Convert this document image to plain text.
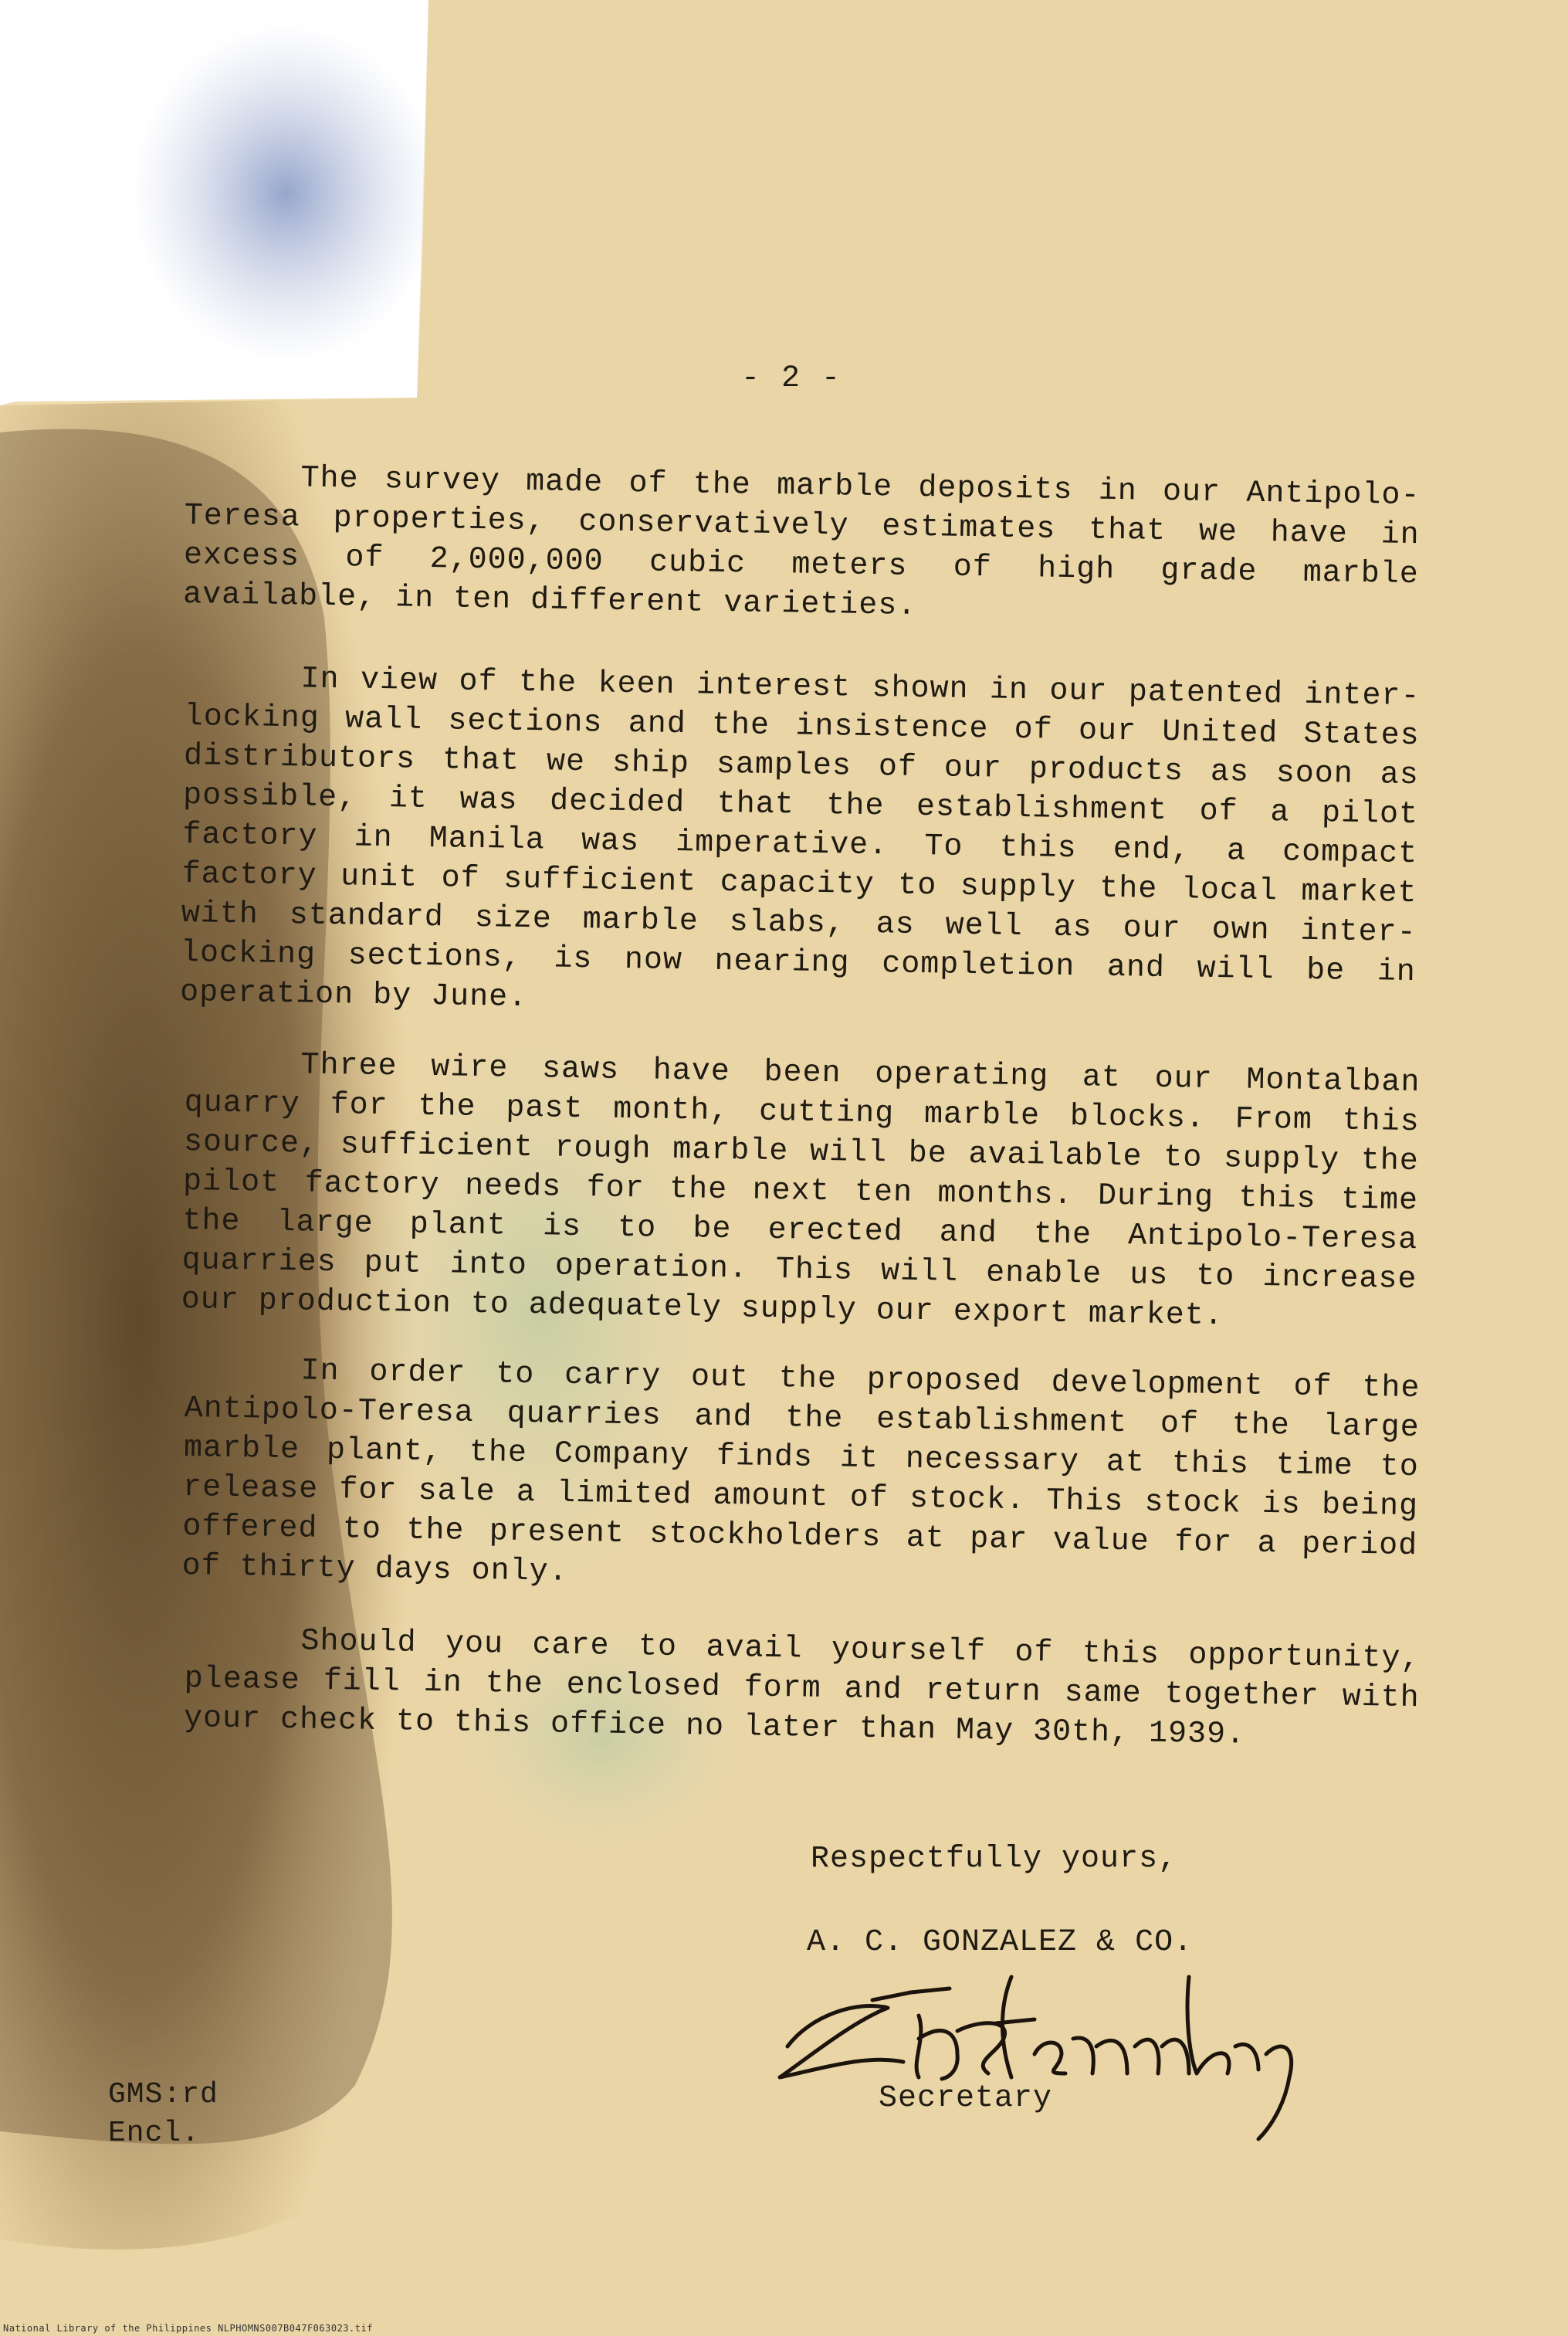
- 2 -

The survey made of the marble deposits in our Antipolo-Teresa properties, conservatively estimates that we have in excess of 2,000,000 cubic meters of high grade marble available, in ten different varieties.

In view of the keen interest shown in our patented inter-locking wall sections and the insistence of our United States distributors that we ship samples of our products as soon as possible, it was decided that the establishment of a pilot factory in Manila was imperative. To this end, a compact factory unit of sufficient capacity to supply the local market with standard size marble slabs, as well as our own inter-locking sections, is now nearing completion and will be in operation by June.

Three wire saws have been operating at our Montalban quarry for the past month, cutting marble blocks. From this source, sufficient rough marble will be available to supply the pilot factory needs for the next ten months. During this time the large plant is to be erected and the Antipolo-Teresa quarries put into operation. This will enable us to increase our production to adequately supply our export market.

In order to carry out the proposed development of the Antipolo-Teresa quarries and the establishment of the large marble plant, the Company finds it necessary at this time to release for sale a limited amount of stock. This stock is being offered to the present stockholders at par value for a period of thirty days only.

Should you care to avail yourself of this opportunity, please fill in the enclosed form and return same together with your check to this office no later than May 30th, 1939.

Respectfully yours,
A. C. GONZALEZ & CO.
Secretary
GMS:rd
Encl.
National Library of the Philippines NLPHOMNS007B047F063023.tif
